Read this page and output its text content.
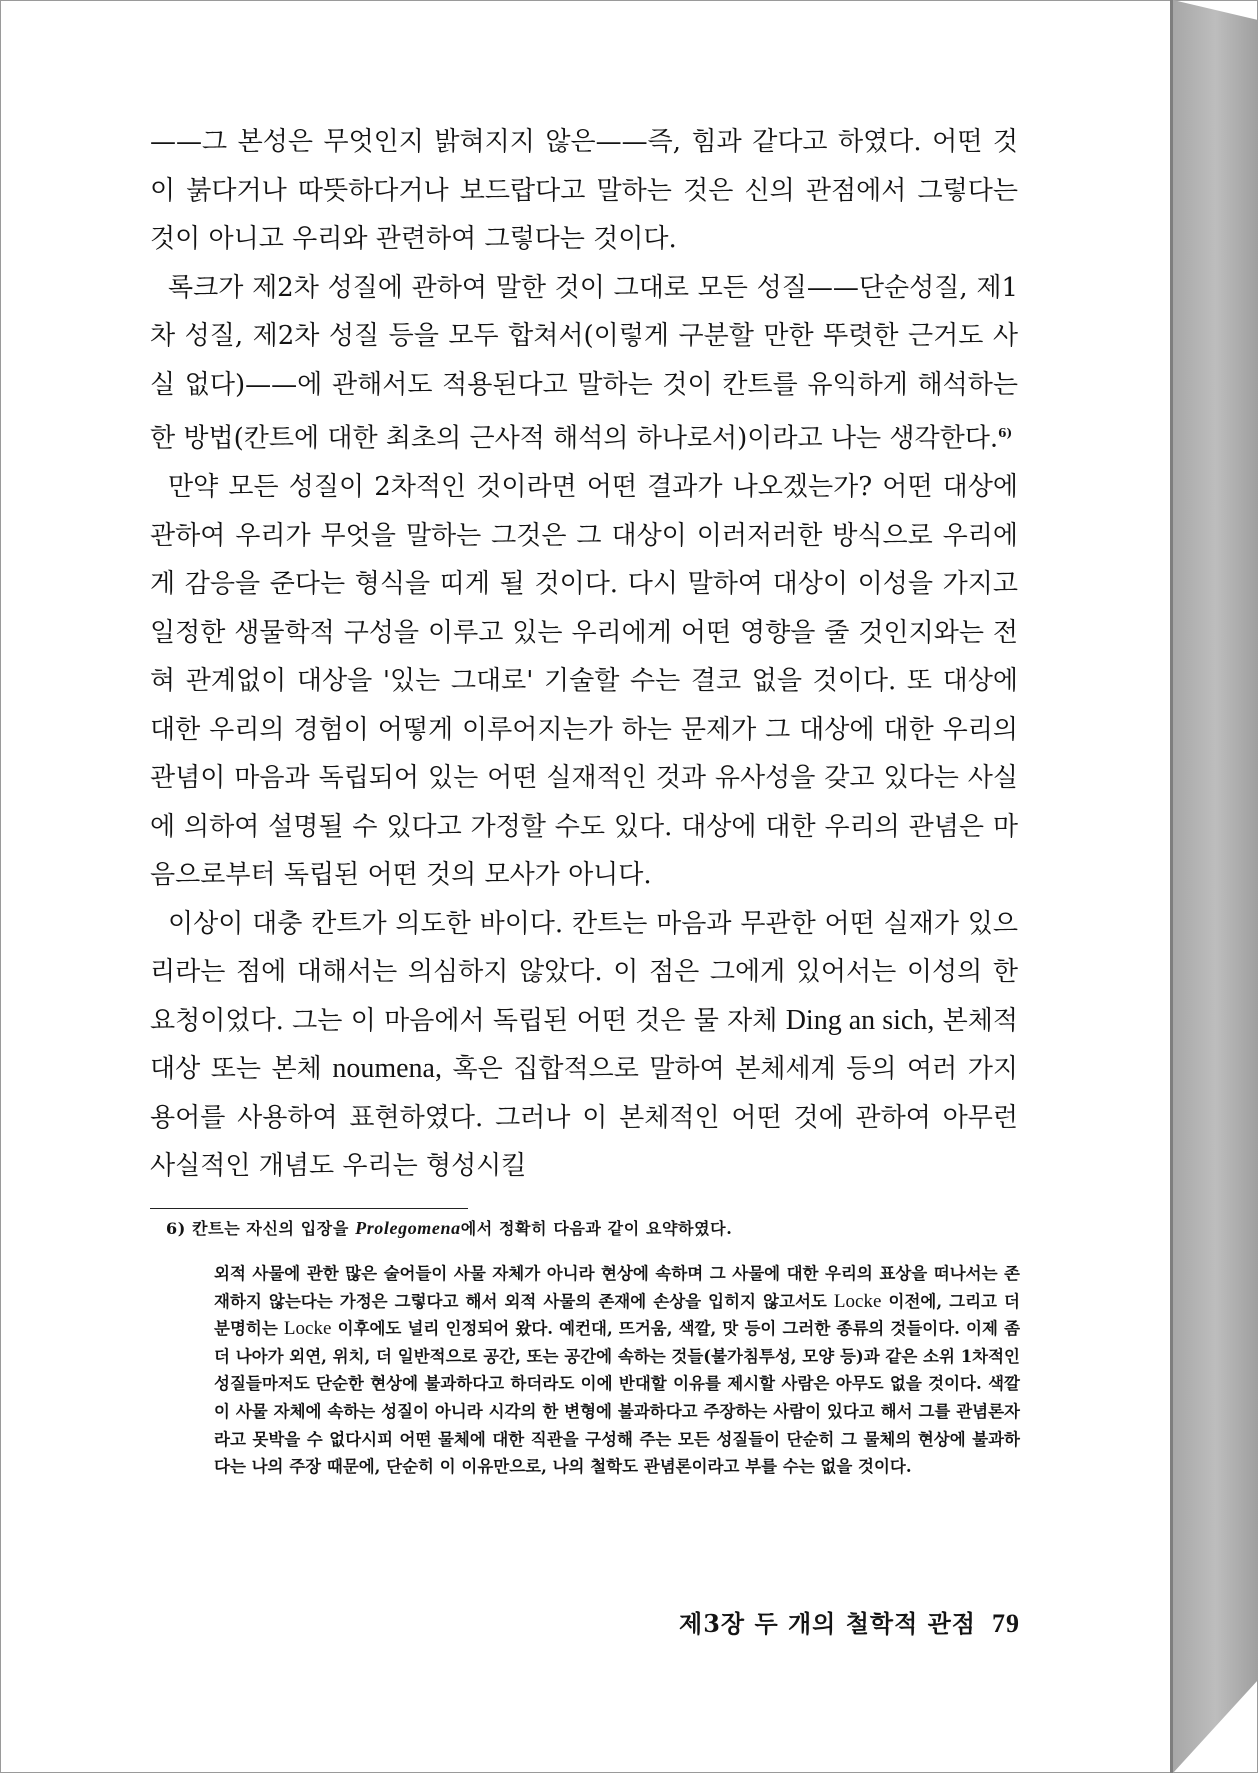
——그 본성은 무엇인지 밝혀지지 않은——즉, 힘과 같다고 하였다. 어떤 것이 붉다거나 따뜻하다거나 보드랍다고 말하는 것은 신의 관점에서 그렇다는 것이 아니고 우리와 관련하여 그렇다는 것이다.

록크가 제2차 성질에 관하여 말한 것이 그대로 모든 성질——단순성질, 제1차 성질, 제2차 성질 등을 모두 합쳐서(이렇게 구분할 만한 뚜렷한 근거도 사실 없다)——에 관해서도 적용된다고 말하는 것이 칸트를 유익하게 해석하는 한 방법(칸트에 대한 최초의 근사적 해석의 하나로서)이라고 나는 생각한다.$^{6)}$

만약 모든 성질이 2차적인 것이라면 어떤 결과가 나오겠는가? 어떤 대상에 관하여 우리가 무엇을 말하는 그것은 그 대상이 이러저러한 방식으로 우리에게 감응을 준다는 형식을 띠게 될 것이다. 다시 말하여 대상이 이성을 가지고 일정한 생물학적 구성을 이루고 있는 우리에게 어떤 영향을 줄 것인지와는 전혀 관계없이 대상을 '있는 그대로' 기술할 수는 결코 없을 것이다. 또 대상에 대한 우리의 경험이 어떻게 이루어지는가 하는 문제가 그 대상에 대한 우리의 관념이 마음과 독립되어 있는 어떤 실재적인 것과 유사성을 갖고 있다는 사실에 의하여 설명될 수 있다고 가정할 수도 있다. 대상에 대한 우리의 관념은 마음으로부터 독립된 어떤 것의 모사가 아니다.

이상이 대충 칸트가 의도한 바이다. 칸트는 마음과 무관한 어떤 실재가 있으리라는 점에 대해서는 의심하지 않았다. 이 점은 그에게 있어서는 이성의 한 요청이었다. 그는 이 마음에서 독립된 어떤 것은 물 자체 Ding an sich, 본체적 대상 또는 본체 noumena, 혹은 집합적으로 말하여 본체세계 등의 여러 가지 용어를 사용하여 표현하였다. 그러나 이 본체적인 어떤 것에 관하여 아무런 사실적인 개념도 우리는 형성시킬

6) 칸트는 자신의 입장을 Prolegomena에서 정확히 다음과 같이 요약하였다.

외적 사물에 관한 많은 술어들이 사물 자체가 아니라 현상에 속하며 그 사물에 대한 우리의 표상을 떠나서는 존재하지 않는다는 가정은 그렇다고 해서 외적 사물의 존재에 손상을 입히지 않고서도 Locke 이전에, 그리고 더 분명히는 Locke 이후에도 널리 인정되어 왔다. 예컨대, 뜨거움, 색깔, 맛 등이 그러한 종류의 것들이다. 이제 좀더 나아가 외연, 위치, 더 일반적으로 공간, 또는 공간에 속하는 것들(불가침투성, 모양 등)과 같은 소위 1차적인 성질들마저도 단순한 현상에 불과하다고 하더라도 이에 반대할 이유를 제시할 사람은 아무도 없을 것이다. 색깔이 사물 자체에 속하는 성질이 아니라 시각의 한 변형에 불과하다고 주장하는 사람이 있다고 해서 그를 관념론자라고 못박을 수 없다시피 어떤 물체에 대한 직관을 구성해 주는 모든 성질들이 단순히 그 물체의 현상에 불과하다는 나의 주장 때문에, 단순히 이 이유만으로, 나의 철학도 관념론이라고 부를 수는 없을 것이다.

제3장 두 개의 철학적 관점 79
